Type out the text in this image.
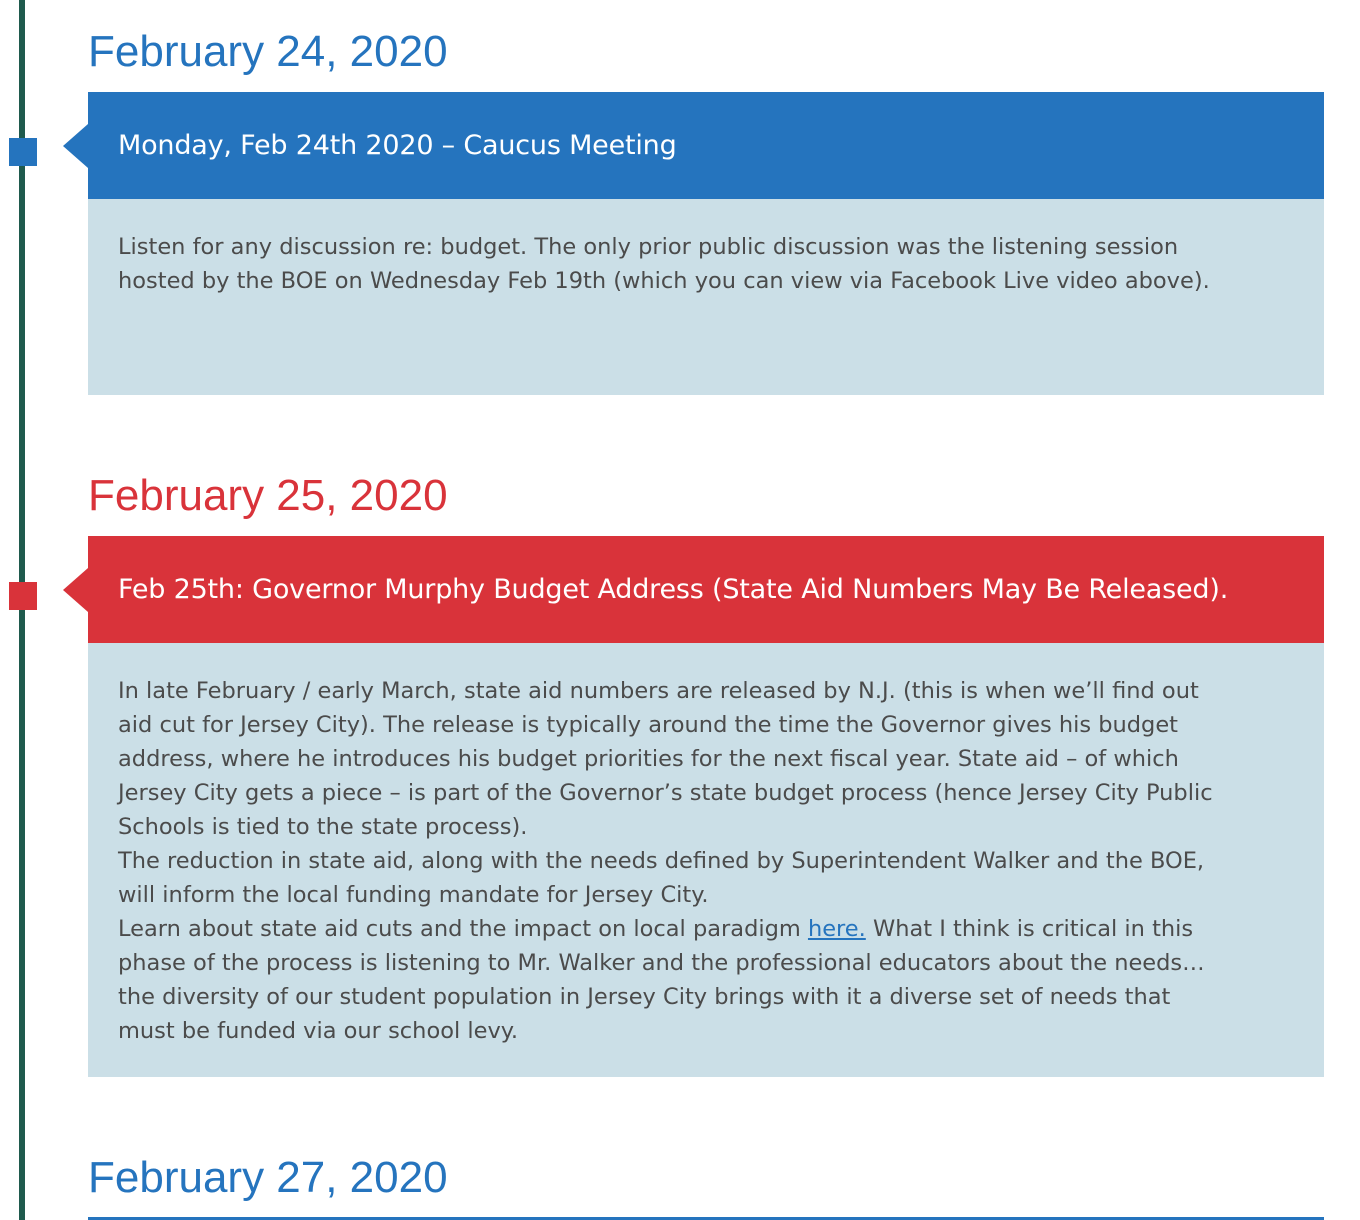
February 24, 2020
Monday, Feb 24th 2020 – Caucus Meeting

Listen for any discussion re: budget. The only prior public discussion was the listening session

hosted by the BOE on Wednesday Feb 19th (which you can view via Facebook Live video above).

February 25, 2020
Feb 25th: Governor Murphy Budget Address (State Aid Numbers May Be Released).

In late February / early March, state aid numbers are released by N.J. (this is when we’ll find out

aid cut for Jersey City). The release is typically around the time the Governor gives his budget

address, where he introduces his budget priorities for the next fiscal year. State aid – of which

Jersey City gets a piece – is part of the Governor’s state budget process (hence Jersey City Public

Schools is tied to the state process).

The reduction in state aid, along with the needs defined by Superintendent Walker and the BOE,

will inform the local funding mandate for Jersey City.

Learn about state aid cuts and the impact on local paradigm here. What I think is critical in this

phase of the process is listening to Mr. Walker and the professional educators about the needs…

the diversity of our student population in Jersey City brings with it a diverse set of needs that

must be funded via our school levy.

February 27, 2020
